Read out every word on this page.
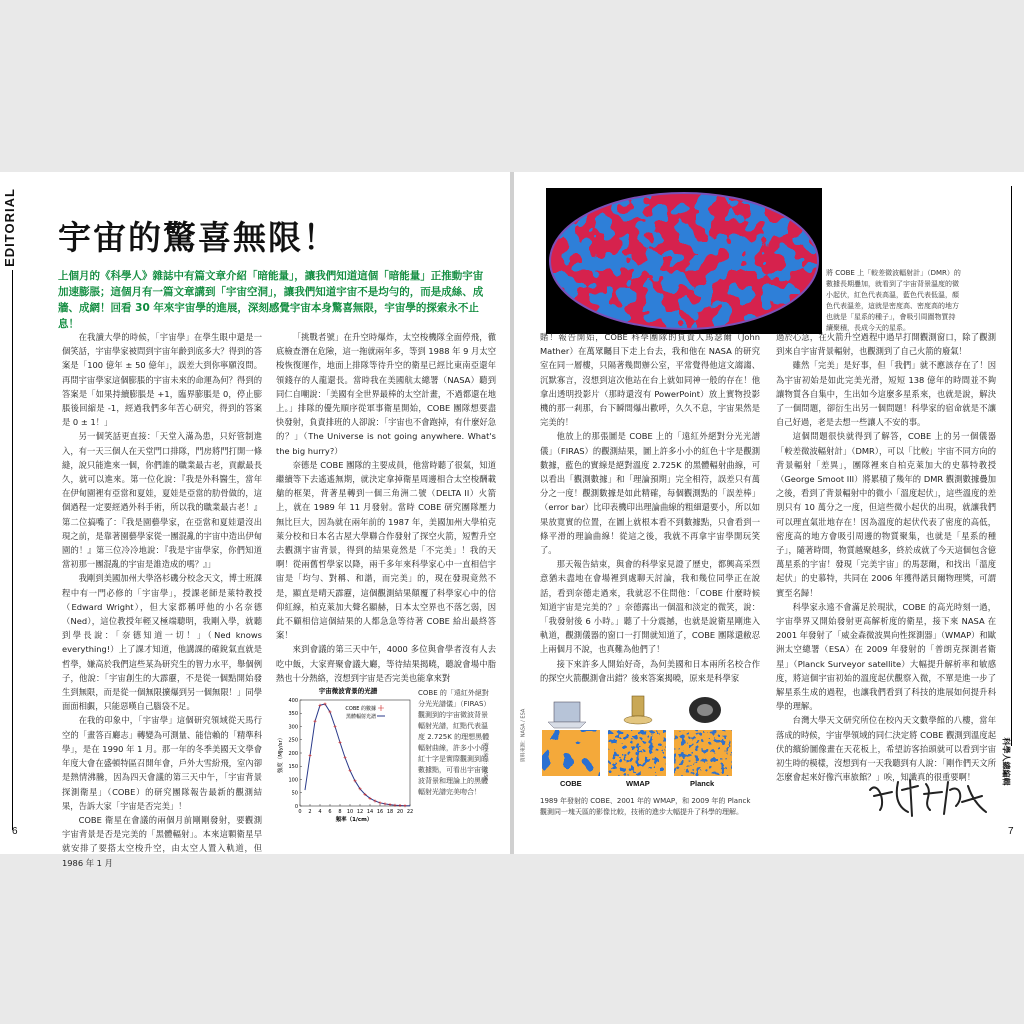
EDITORIAL 宇宙的驚喜無限！
上個月的《科學人》雜誌中有篇文章介紹「暗能量」，讓我們知道這個「暗能量」正推動宇宙加速膨脹；這個月有一篇文章講到「宇宙空洞」，讓我們知道宇宙不是均勻的，而是成絲、成牆、成網！回看 30 年來宇宙學的進展，深刻感覺宇宙本身驚喜無限，宇宙學的探索永不止息！

在我讀大學的時候，「宇宙學」在學生眼中還是一個笑話，宇宙學家被問到宇宙年齡到底多大？得到的答案是「100 億年 ± 50 億年」，誤差大到你寧願沒問。再問宇宙學家這個膨脹的宇宙未來的命運為何？得到的答案是「如果持續膨脹是 +1，臨界膨脹是 0，停止膨脹後回縮是 -1，經過我們多年苦心研究，得到的答案是 0 ± 1！」

另一個笑話更直接：「天堂入滿為患，只好管制進入，有一天三個人在天堂門口排隊，門房將門打開一條縫，說只能進來一個，你們誰的職業最古老，貢獻最長久，就可以進來。第一位化說：『我是外科醫生，當年在伊甸園裡有亞當和夏娃，夏娃是亞當的肋骨做的，這個過程一定要經過外科手術，所以我的職業最古老！』第二位搞嘴了：『我是園藝學家，在亞當和夏娃還沒出現之前，是靠著園藝學家從一團混亂的宇宙中造出伊甸園的！』第三位冷冷地說：『我是宇宙學家，你們知道當初那一團混亂的宇宙是誰造成的嗎？』」

我剛到美國加州大學洛杉磯分校念天文，博士班課程中有一門必修的「宇宙學」，授課老師是萊特教授（Edward Wright），但大家都稱呼他的小名奈德（Ned），這位教授年輕又極端聰明，我剛入學，就聽到學長說：「奈德知道一切！」（Ned knows everything!）上了課才知道，他講課的確銳氣直就是哲學，嫌高於我們這些某為研究生的智力水平，舉個例子，他說：「宇宙創生的大霹靂，不是從一個點開始發生到無限，而是從一個無限擴爆到另一個無限！」同學面面相覷，只能惡嘆自己腦袋不足。

在我的印象中，「宇宙學」這個研究領域從天馬行空的「畫答百廳志」轉變為可測量、能信賴的「精準科學」，是在 1990 年 1 月。那一年的冬季美國天文學會年度大會在盛頓特區召開年會，戶外大雪紛飛，室內卻是熱情沸騰，因為四天會議的第三天中午，「宇宙背景探測衛星」（COBE）的研究團隊報告最新的觀測結果，告訴大家「宇宙是否完美」！

COBE 衛星在會議的兩個月前剛剛發射，要觀測宇宙背景是否是完美的「黑體輻射」。本來這顆衛星早就安排了要搭太空梭升空，由太空人置入軌道，但 1986 年 1 月

「挑戰者號」在升空時爆炸，太空梭機隊全面停飛，徹底檢查潛在危險，這一拖就兩年多，等到 1988 年 9 月太空梭恢復運作，地面上排隊等待升空的衛星已經比東南亞還年領錢存的人龍還長。當時我在美國航太總署（NASA）聽到同仁自嘲說：「美國有全世界最棒的太空計畫，不過都還在地上。」排隊的優先順序從軍事衛星開始，COBE 團隊想要盡快發射，負責排班的人卻說：「宇宙也不會跑掉，有什麼好急的？」（The Universe is not going anywhere. What's the big hurry?）

奈德是 COBE 團隊的主要成員，他當時聽了很氣，知道繼續等下去遙遙無期，就決定拿掉衛星周邊相合太空梭酬載艙的框架，背著星轉到一個三角洲二號（DELTA II）火箭上，就在 1989 年 11 月發射。當時 COBE 研究團隊壓力無比巨大，因為就在兩年前的 1987 年，美國加州大學柏克萊分校和日本名古屋大學聯合作發射了探空火箭，短暫升空去觀測宇宙背景，得到的結果竟然是「不完美」！我的天啊！從兩舊哲學家以降，兩千多年來科學家心中一直相信宇宙是「均勻、對稱、和諧，而完美」的，現在發現竟然不是，顯直是晴天霹靂，這個觀測結果顛覆了科學家心中的信仰紅線，柏克萊加大聲名顯赫，日本太空界也不落乞弱，因此不顧相信這個結果的人都急急等待著 COBE 給出最終答案！

來到會議的第三天中午，4000 多位與會學者沒有人去吃中飯，大家齊聚會議大廳，等待結果揭曉，聽說會場中脂熱也十分熱絡，沒想到宇宙是否完美也能拿來對

宇宙微波背景的光譜
強度（MJy/sr）
頻率（1/cm）
0 2 4 6 8 10 12 14 16 18 20 22
0
50
100
150
200
250
300
350
400
COBE 的數據
黑體輻射光譜
COBE 的「遠紅外絕對分光光譜儀」（FIRAS）觀測到的宇宙微波背景輻射光譜，紅點代表溫度 2.725K 的理想黑體輻射曲線，許多小小的紅十字是實際觀測到的數據點，可看出宇宙微波背景和理論上的黑體輻射光譜完美吻合！
資料來源：NASA
6
將 COBE 上「較差微波輻射計」（DMR）的數據長期疊加，就看到了宇宙背景溫度的微小起伏，紅色代表高溫，藍色代表低溫，顏色代表溫差，這就是密度高、密度高的地方也就是「星系的種子」，會吸引周圍物質持續聚積，長成今天的星系。

賭！報告開始，COBE 科學團隊的負責人馬瑟爾（John Mather）在萬眾矚目下走上台去，我和他在 NASA 的研究室在同一層樓，只隔著幾間辦公室，平常覺得他這文謅謅、沉默寡言，沒想到這次他站在台上就如同神一般的存在！他拿出透明投影片（那時還沒有 PowerPoint）放上實物投影機的那一剎那，台下瞬間爆出歡呼，久久不息，宇宙果然是完美的！

他放上的那張圖是 COBE 上的「遠紅外絕對分光光譜儀」（FIRAS）的觀測結果，圖上許多小小的紅色十字是觀測數據，藍色的實線是絕對溫度 2.725K 的黑體輻射曲線，可以看出「觀測數據」和「理論預期」完全相符，誤差只有萬分之一度！觀測數據是如此精確，每個觀測點的「誤差棒」（error bar）比印表機印出理論曲線的粗細還要小，所以如果放寬實的位置，在圖上就根本看不到數據點，只會看到一條平滑的理論曲線！從這之後，我就不再拿宇宙學開玩笑了。

那天報告結束，與會的科學家見證了歷史，都興高采烈意猶未盡地在會場裡到處聊天討論，我和幾位同學正在說話，看到奈德走過來，我就忍不住問他：「COBE 什麼時候知道宇宙是完美的？」奈德露出一個溫和淡定的微笑，說：「我發射後 6 小時。」聽了十分震撼，也就是說衛星剛進入軌道，觀測儀器的窗口一打開就知道了，COBE 團隊還敝忍上兩個月不說，也真難為他們了！

接下來許多人開始好奇，為何美國和日本兩所名校合作的探空火箭觀測會出錯？後來答案揭曉，原來是科學家

過於心急，在火箭升空過程中過早打開觀測窗口，除了觀測到來自宇宙背景輻射，也觀測到了自己火箭的廢氣！

雖然「完美」是好事，但「我們」就不應該存在了！因為宇宙初始是如此完美光滑，短短 138 億年的時間並不夠讓物質各自集中，生出如今這麼多星系來，也就是說，解決了一個問題，卻衍生出另一個問題！科學家的宿命就是不讓自己好過，老是去想一些讓人不安的事。

這個問題很快就得到了解答，COBE 上的另一個儀器「較差微波輻射計」（DMR），可以「比較」宇宙不同方向的背景輻射「差異」，團隊裡來自柏克萊加大的史慕特教授（George Smoot III）將累積了幾年的 DMR 觀測數據疊加之後，看到了背景輻射中的微小「溫度起伏」，這些溫度的差別只有 10 萬分之一度，但這些微小起伏的出現，就讓我們可以理直氣壯地存在！因為溫度的起伏代表了密度的高低，密度高的地方會吸引周邊的物質聚集，也就是「星系的種子」，隨著時間，物質越聚越多，終於成就了今天這個包含億萬星系的宇宙！發現「完美宇宙」的馬瑟爾，和找出「溫度起伏」的史慕特，共同在 2006 年獲得諾貝爾物理獎，可謂實至名歸！

科學家永遠不會滿足於現狀，COBE 的高光時刻一過，宇宙學界又開始發射更高解析度的衛星，接下來 NASA 在 2001 年發射了「威金森微波異向性探測器」（WMAP）和歐洲太空總署（ESA）在 2009 年發射的「普朗克探測者衛星」（Planck Surveyor satellite）大幅提升解析率和敏感度，將這個宇宙初始的溫度起伏觀察入微，不單是進一步了解星系生成的過程，也讓我們看到了科技的進展如何提升科學的理解。

台灣大學天文研究所位在校內天文數學館的八樓，當年落成的時候，宇宙學領域的同仁決定將 COBE 觀測到溫度起伏的繽紛圖像畫在天花板上，希望訪客抬頭就可以看到宇宙初生時的模樣，沒想到有一天我聽到有人說：「剛作們天文所怎麼會起來好像汽車旅館？」唉，知識真的很重要啊！

資料來源：NASA / ESA
COBE	WMAP	Planck
1989 年發射的 COBE、2001 年的 WMAP，和 2009 年的 Planck 觀測同一塊天區的影像比較，技術的進步大幅提升了科學的理解。
科學人總編輯
7
